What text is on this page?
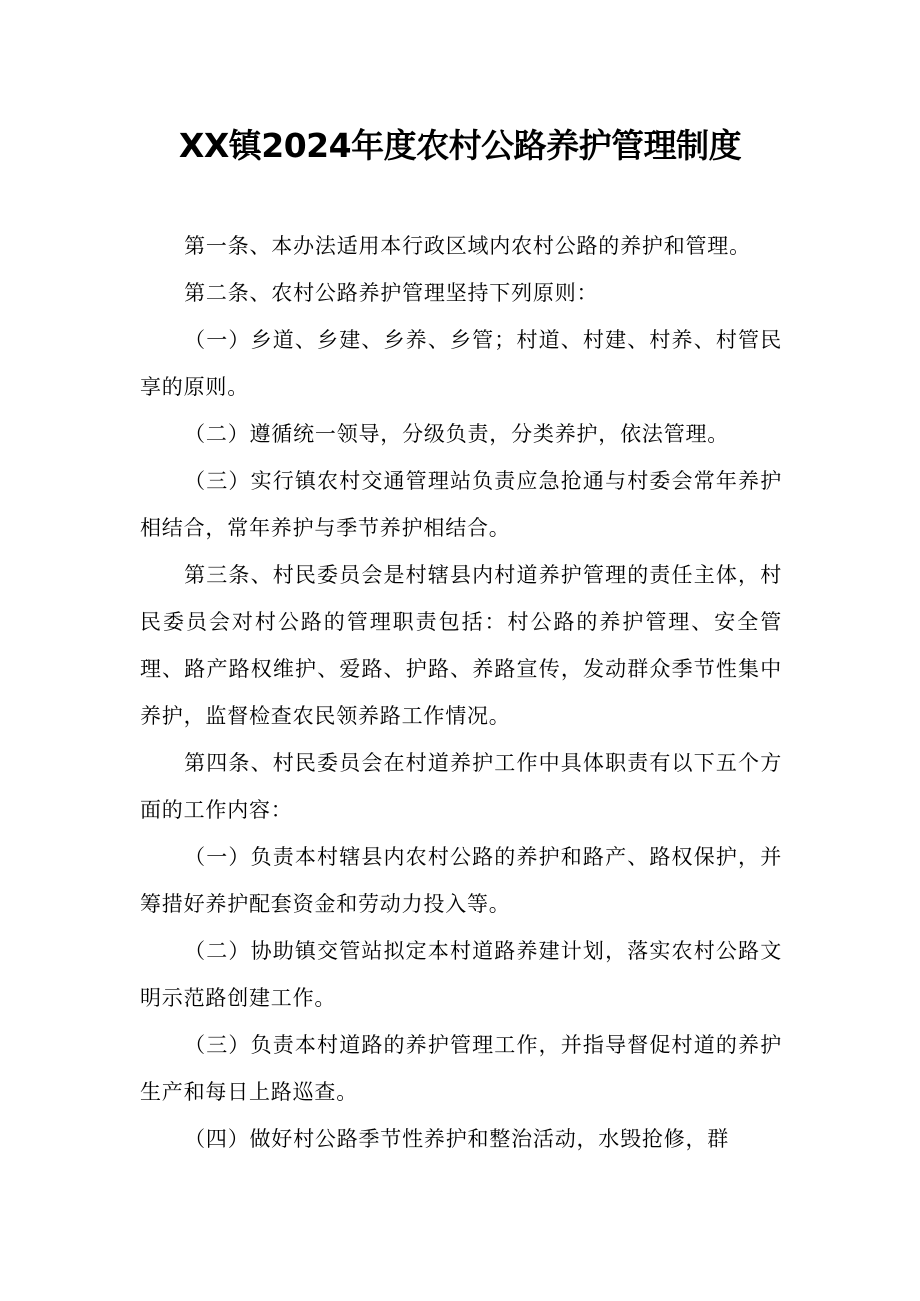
XX镇2024年度农村公路养护管理制度

第一条、本办法适用本行政区域内农村公路的养护和管理。

第二条、农村公路养护管理坚持下列原则：

（一）乡道、乡建、乡养、乡管；村道、村建、村养、村管民享的原则。

（二）遵循统一领导，分级负责，分类养护，依法管理。

（三）实行镇农村交通管理站负责应急抢通与村委会常年养护相结合，常年养护与季节养护相结合。

第三条、村民委员会是村辖县内村道养护管理的责任主体，村民委员会对村公路的管理职责包括：村公路的养护管理、安全管理、路产路权维护、爱路、护路、养路宣传，发动群众季节性集中养护，监督检查农民领养路工作情况。

第四条、村民委员会在村道养护工作中具体职责有以下五个方面的工作内容：

（一）负责本村辖县内农村公路的养护和路产、路权保护，并筹措好养护配套资金和劳动力投入等。

（二）协助镇交管站拟定本村道路养建计划，落实农村公路文明示范路创建工作。

（三）负责本村道路的养护管理工作，并指导督促村道的养护生产和每日上路巡查。

（四）做好村公路季节性养护和整治活动，水毁抢修，群
